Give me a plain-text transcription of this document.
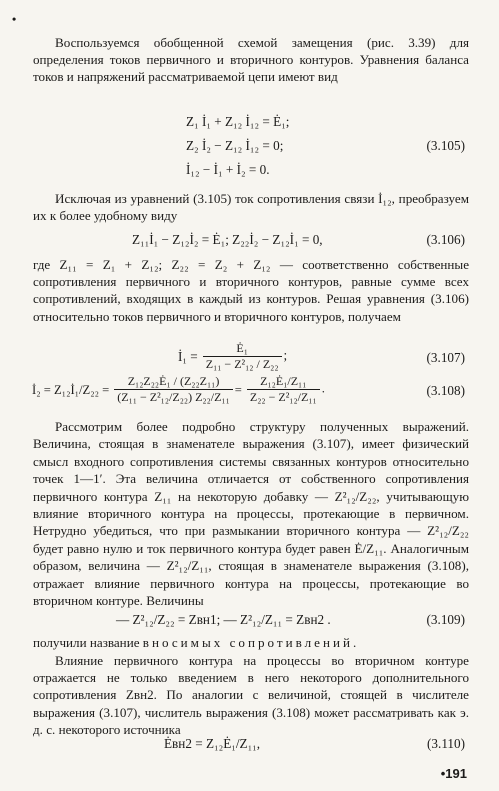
•

Воспользуемся обобщенной схемой замещения (рис. 3.39) для определения токов первичного и вторичного контуров. Уравнения баланса токов и напряжений рассматриваемой цепи имеют вид

Z₁ İ₁ + Z₁₂ İ₁₂ = Ė₁;
Z₂ İ₂ − Z₁₂ İ₁₂ = 0;	(3.105)
İ₁₂ − İ₁ + İ₂ = 0.

Исключая из уравнений (3.105) ток сопротивления связи İ₁₂, преобразуем их к более удобному виду

Z₁₁İ₁ − Z₁₂İ₂ = Ė₁; Z₂₂İ₂ − Z₁₂İ₁ = 0,	(3.106)

где Z₁₁ = Z₁ + Z₁₂; Z₂₂ = Z₂ + Z₁₂ — соответственно собственные сопротивления первичного и вторичного контуров, равные сумме всех сопротивлений, входящих в каждый из контуров. Решая уравнения (3.106) относительно токов первичного и вторичного контуров, получаем

İ₁ = $\frac{\text{Ė₁}}{\text{Z₁₁ − Z²₁₂ / Z₂₂}}$ ;	(3.107)
İ₂ = Z₁₂İ₁/Z₂₂ = $\frac{\text{Z₁₂Z₂₂Ė₁ / (Z₂₂Z₁₁)}}{\text{(Z₁₁ − Z²₁₂/Z₂₂) Z₂₂/Z₁₁}} = \frac{\text{Z₁₂Ė₁/Z₁₁}}{\text{Z₂₂ − Z²₁₂/Z₁₁}}$ .	(3.108)

Рассмотрим более подробно структуру полученных выражений. Величина, стоящая в знаменателе выражения (3.107), имеет физический смысл входного сопротивления системы связанных контуров относительно точек 1—1′. Эта величина отличается от собственного сопротивления первичного контура Z₁₁ на некоторую добавку — Z²₁₂/Z₂₂, учитывающую влияние вторичного контура на процессы, протекающие в первичном. Нетрудно убедиться, что при размыкании вторичного контура — Z²₁₂/Z₂₂ будет равно нулю и ток первичного контура будет равен Ė/Z₁₁. Аналогичным образом, величина — Z²₁₂/Z₁₁, стоящая в знаменателе выражения (3.108), отражает влияние первичного контура на процессы, протекающие во вторичном контуре. Величины

— Z²₁₂/Z₂₂ = Zвн1; — Z²₁₂/Z₁₁ = Zвн2 .	(3.109)

получили название вносимых сопротивлений.

Влияние первичного контура на процессы во вторичном контуре отражается не только введением в него некоторого дополнительного сопротивления Zвн2. По аналогии с величиной, стоящей в числителе выражения (3.107), числитель выражения (3.108) может рассматривать как э. д. с. некоторого источника

Ėвн2 = Z₁₂Ė₁/Z₁₁,	(3.110)
•191
